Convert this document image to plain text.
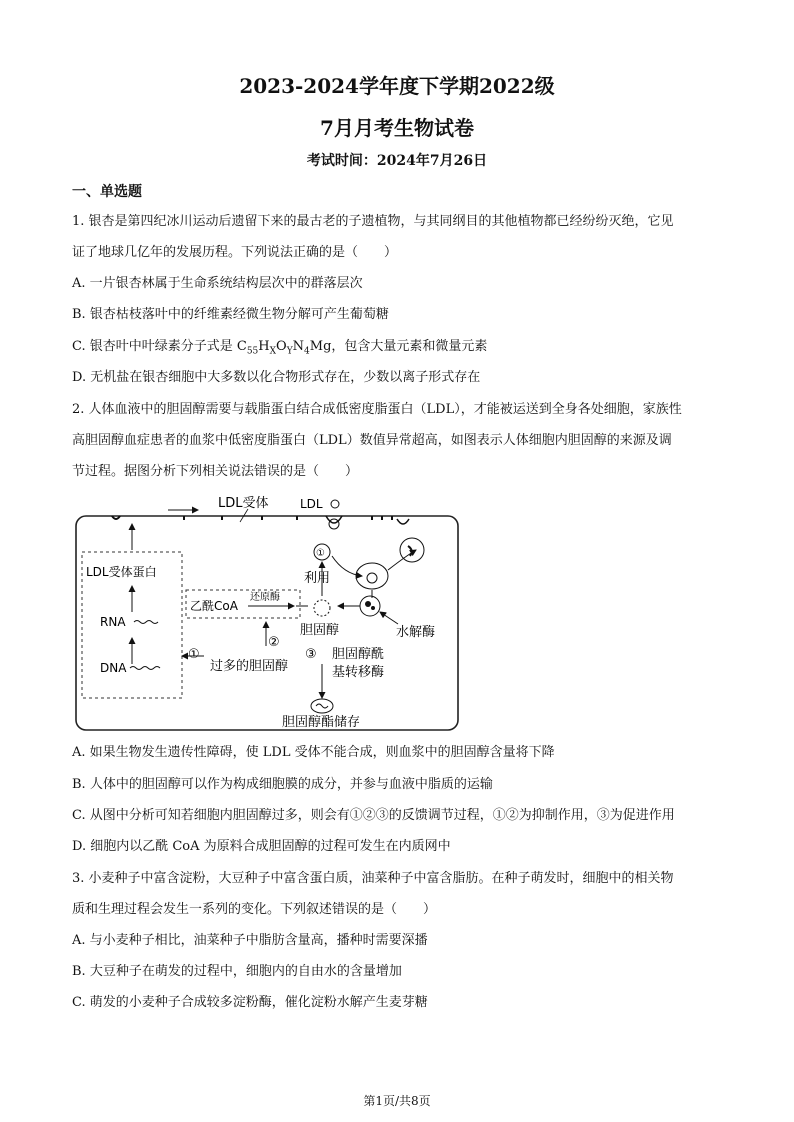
2023-2024学年度下学期2022级
7月月考生物试卷
考试时间：2024年7月26日
一、单选题
1. 银杏是第四纪冰川运动后遗留下来的最古老的子遗植物，与其同纲目的其他植物都已经纷纷灭绝，它见
证了地球几亿年的发展历程。下列说法正确的是（　　）
A. 一片银杏林属于生命系统结构层次中的群落层次
B. 银杏枯枝落叶中的纤维素经微生物分解可产生葡萄糖
C. 银杏叶中叶绿素分子式是 $C_{55}H_XO_YN_4Mg$，包含大量元素和微量元素
D. 无机盐在银杏细胞中大多数以化合物形式存在，少数以离子形式存在
2. 人体血液中的胆固醇需要与载脂蛋白结合成低密度脂蛋白（LDL），才能被运送到全身各处细胞，家族性
高胆固醇血症患者的血浆中低密度脂蛋白（LDL）数值异常超高，如图表示人体细胞内胆固醇的来源及调
节过程。据图分析下列相关说法错误的是（　　）
LDL受体	LDL
LDL受体蛋白
RNA
DNA
乙酰CoA
还原酶
①
②
过多的胆固醇
③
胆固醇
利用
①
水解酶
胆固醇酰
基转移酶
胆固醇酯储存
A. 如果生物发生遗传性障碍，使 LDL 受体不能合成，则血浆中的胆固醇含量将下降
B. 人体中的胆固醇可以作为构成细胞膜的成分，并参与血液中脂质的运输
C. 从图中分析可知若细胞内胆固醇过多，则会有①②③的反馈调节过程，①②为抑制作用，③为促进作用
D. 细胞内以乙酰 CoA 为原料合成胆固醇的过程可发生在内质网中
3. 小麦种子中富含淀粉，大豆种子中富含蛋白质，油菜种子中富含脂肪。在种子萌发时，细胞中的相关物
质和生理过程会发生一系列的变化。下列叙述错误的是（　　）
A. 与小麦种子相比，油菜种子中脂肪含量高，播种时需要深播
B. 大豆种子在萌发的过程中，细胞内的自由水的含量增加
C. 萌发的小麦种子合成较多淀粉酶，催化淀粉水解产生麦芽糖
第1页/共8页
